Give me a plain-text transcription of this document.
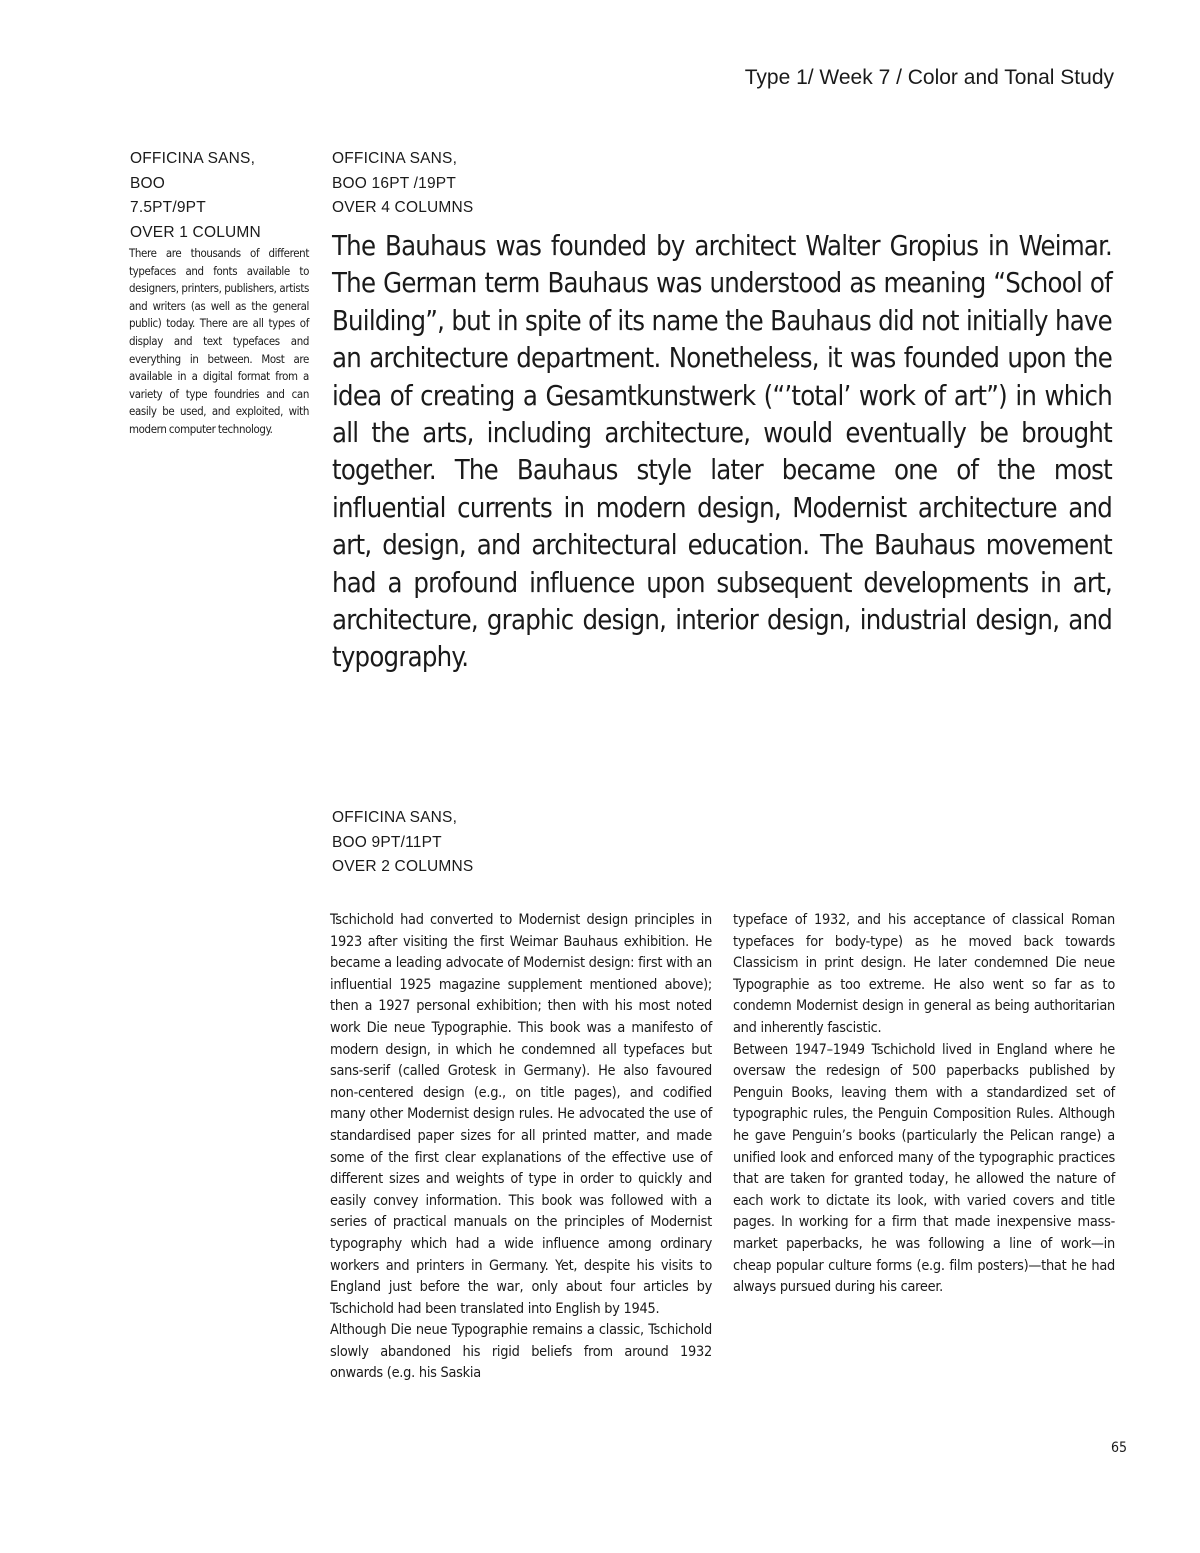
Type 1/ Week 7 / Color and Tonal Study
OFFICINA SANS,
BOO
7.5PT/9PT
OVER 1 COLUMN

There are thousands of different typefaces and fonts available to designers, printers, publishers, artists and writers (as well as the general public) today. There are all types of display and text typefaces and everything in between. Most are available in a digital format from a variety of type foundries and can easily be used, and exploited, with modern computer technology.

OFFICINA SANS,
BOO 16PT /19PT
OVER 4 COLUMNS

The Bauhaus was founded by architect Walter Gropius in Weimar. The German term Bauhaus was understood as meaning “School of Building”, but in spite of its name the Bauhaus did not initially have an architecture department. Nonetheless, it was founded upon the idea of creating a Gesamtkunstwerk (“’total’ work of art”) in which all the arts, including architecture, would eventually be brought together. The Bauhaus style later became one of the most influential currents in modern design, Modernist architecture and art, design, and architectural education. The Bauhaus movement had a profound influence upon subsequent developments in art, architecture, graphic design, interior design, industrial design, and typography.

OFFICINA SANS,
BOO 9PT/11PT
OVER 2 COLUMNS

Tschichold had converted to Modernist design principles in 1923 after visiting the first Weimar Bauhaus exhibition. He became a leading advocate of Modernist design: first with an influential 1925 magazine supplement mentioned above); then a 1927 personal exhibition; then with his most noted work Die neue Typographie. This book was a manifesto of modern design, in which he condemned all typefaces but sans-serif (called Grotesk in Germany). He also favoured non-centered design (e.g., on title pages), and codified many other Modernist design rules. He advocated the use of standardised paper sizes for all printed matter, and made some of the first clear explanations of the effective use of different sizes and weights of type in order to quickly and easily convey information. This book was followed with a series of practical manuals on the principles of Modernist typography which had a wide influence among ordinary workers and printers in Germany. Yet, despite his visits to England just before the war, only about four articles by Tschichold had been translated into English by 1945.

Although Die neue Typographie remains a classic, Tschichold slowly abandoned his rigid beliefs from around 1932 onwards (e.g. his Saskia

typeface of 1932, and his acceptance of classical Roman typefaces for body-type) as he moved back towards Classicism in print design. He later condemned Die neue Typographie as too extreme. He also went so far as to condemn Modernist design in general as being authoritarian and inherently fascistic.

Between 1947–1949 Tschichold lived in England where he oversaw the redesign of 500 paperbacks published by Penguin Books, leaving them with a standardized set of typographic rules, the Penguin Composition Rules. Although he gave Penguin’s books (particularly the Pelican range) a unified look and enforced many of the typographic practices that are taken for granted today, he allowed the nature of each work to dictate its look, with varied covers and title pages. In working for a firm that made inexpensive mass-market paperbacks, he was following a line of work—in cheap popular culture forms (e.g. film posters)—that he had always pursued during his career.

65
